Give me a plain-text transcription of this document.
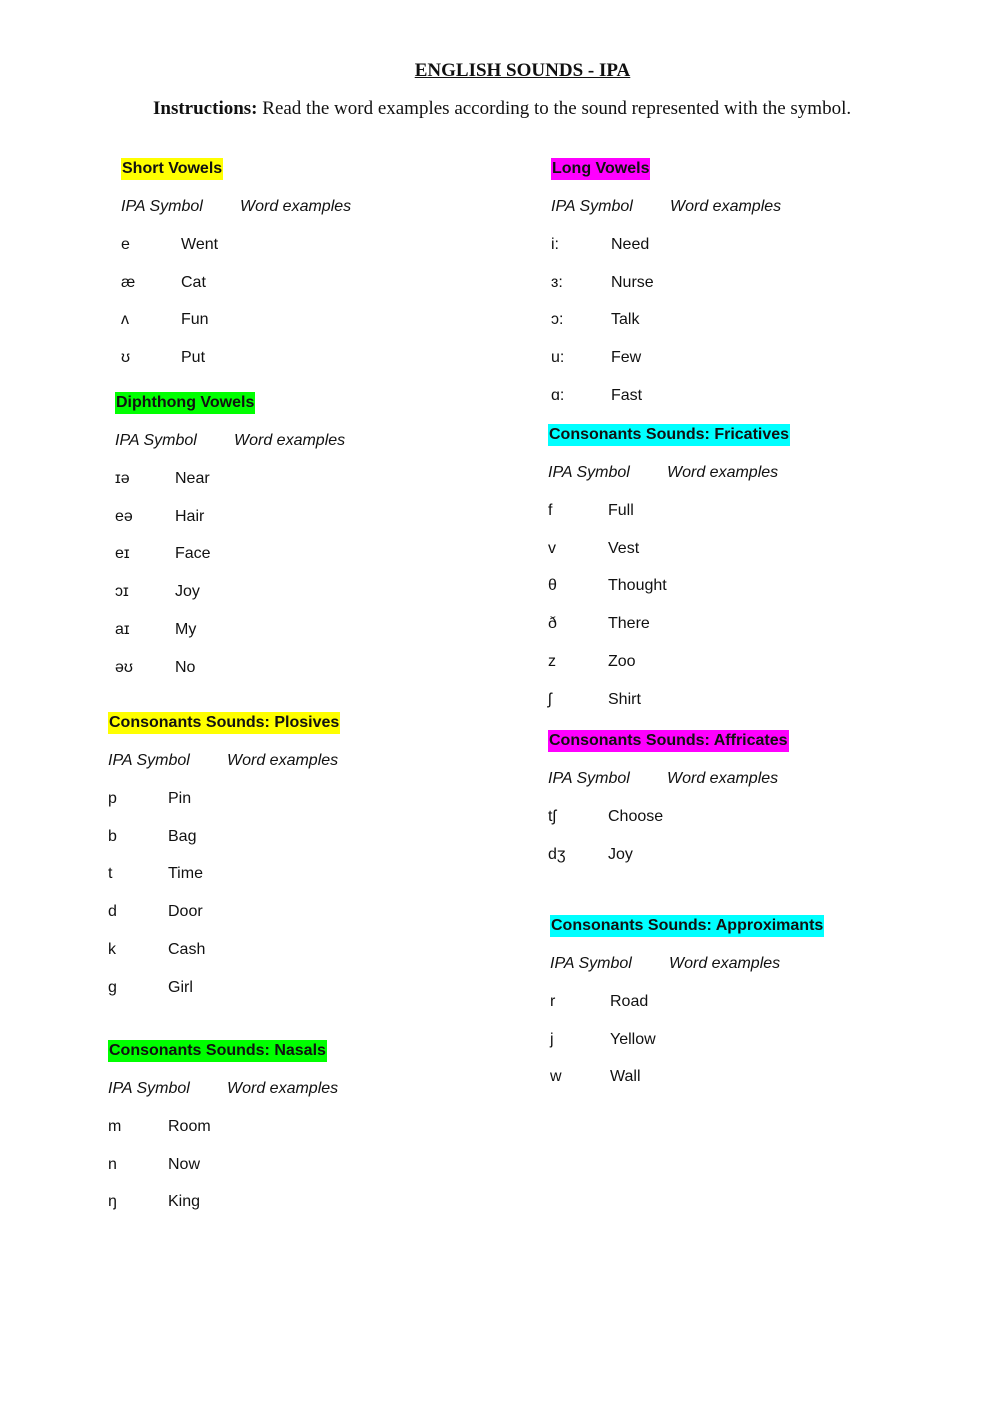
ENGLISH SOUNDS - IPA
Instructions: Read the word examples according to the sound represented with the symbol.
Short Vowels
IPA Symbol	Word examples
e	Went
æ	Cat
ʌ	Fun
ʊ	Put
Long Vowels
IPA Symbol	Word examples
i:	Need
ɜ:	Nurse
ɔ:	Talk
u:	Few
ɑ:	Fast
Diphthong Vowels
IPA Symbol	Word examples
ɪə	Near
eə	Hair
eɪ	Face
ɔɪ	Joy
aɪ	My
əʊ	No
Consonants Sounds: Fricatives
IPA Symbol	Word examples
f	Full
v	Vest
θ	Thought
ð	There
z	Zoo
ʃ	Shirt
Consonants Sounds: Plosives
IPA Symbol	Word examples
p	Pin
b	Bag
t	Time
d	Door
k	Cash
g	Girl
Consonants Sounds: Affricates
IPA Symbol	Word examples
tʃ	Choose
dʒ	Joy
Consonants Sounds: Approximants
IPA Symbol	Word examples
r	Road
j	Yellow
w	Wall
Consonants Sounds: Nasals
IPA Symbol	Word examples
m	Room
n	Now
ŋ	King
